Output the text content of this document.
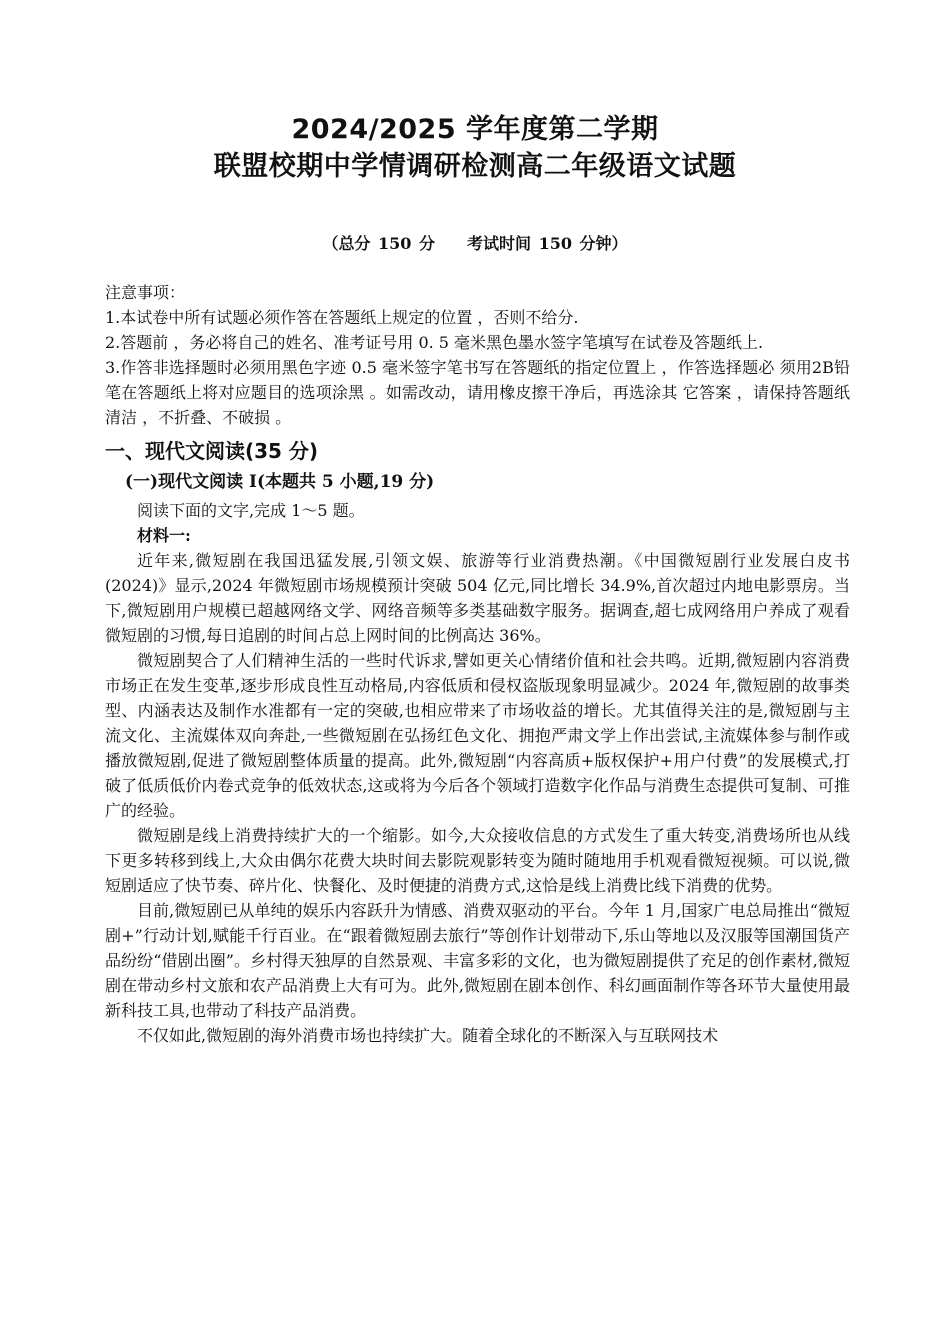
2024/2025 学年度第二学期
联盟校期中学情调研检测高二年级语文试题
（总分 150 分 考试时间 150 分钟）

注意事项：

1.本试卷中所有试题必须作答在答题纸上规定的位置 ，否则不给分.

2.答题前 ，务必将自己的姓名、准考证号用 0. 5 毫米黑色墨水签字笔填写在试卷及答题纸上.

3.作答非选择题时必须用黑色字迹 0.5 毫米签字笔书写在答题纸的指定位置上 ，作答选择题必 须用2B铅笔在答题纸上将对应题目的选项涂黑 。如需改动，请用橡皮擦干净后，再选涂其 它答案 ，请保持答题纸清洁 ，不折叠、不破损 。

一、现代文阅读(35 分)
(一)现代文阅读 I(本题共 5 小题,19 分)

阅读下面的文字,完成 1～5 题。

材料一:

近年来,微短剧在我国迅猛发展,引领文娱、旅游等行业消费热潮。《中国微短剧行业发展白皮书(2024)》显示,2024 年微短剧市场规模预计突破 504 亿元,同比增长 34.9%,首次超过内地电影票房。当下,微短剧用户规模已超越网络文学、网络音频等多类基础数字服务。据调查,超七成网络用户养成了观看微短剧的习惯,每日追剧的时间占总上网时间的比例高达 36%。

微短剧契合了人们精神生活的一些时代诉求,譬如更关心情绪价值和社会共鸣。近期,微短剧内容消费市场正在发生变革,逐步形成良性互动格局,内容低质和侵权盗版现象明显减少。2024 年,微短剧的故事类型、内涵表达及制作水准都有一定的突破,也相应带来了市场收益的增长。尤其值得关注的是,微短剧与主流文化、主流媒体双向奔赴,一些微短剧在弘扬红色文化、拥抱严肃文学上作出尝试,主流媒体参与制作或播放微短剧,促进了微短剧整体质量的提高。此外,微短剧“内容高质+版权保护+用户付费”的发展模式,打破了低质低价内卷式竞争的低效状态,这或将为今后各个领域打造数字化作品与消费生态提供可复制、可推广的经验。

微短剧是线上消费持续扩大的一个缩影。如今,大众接收信息的方式发生了重大转变,消费场所也从线下更多转移到线上,大众由偶尔花费大块时间去影院观影转变为随时随地用手机观看微短视频。可以说,微短剧适应了快节奏、碎片化、快餐化、及时便捷的消费方式,这恰是线上消费比线下消费的优势。

目前,微短剧已从单纯的娱乐内容跃升为情感、消费双驱动的平台。今年 1 月,国家广电总局推出“微短剧+”行动计划,赋能千行百业。在“跟着微短剧去旅行”等创作计划带动下,乐山等地以及汉服等国潮国货产品纷纷“借剧出圈”。乡村得天独厚的自然景观、丰富多彩的文化，也为微短剧提供了充足的创作素材,微短剧在带动乡村文旅和农产品消费上大有可为。此外,微短剧在剧本创作、科幻画面制作等各环节大量使用最新科技工具,也带动了科技产品消费。

不仅如此,微短剧的海外消费市场也持续扩大。随着全球化的不断深入与互联网技术
